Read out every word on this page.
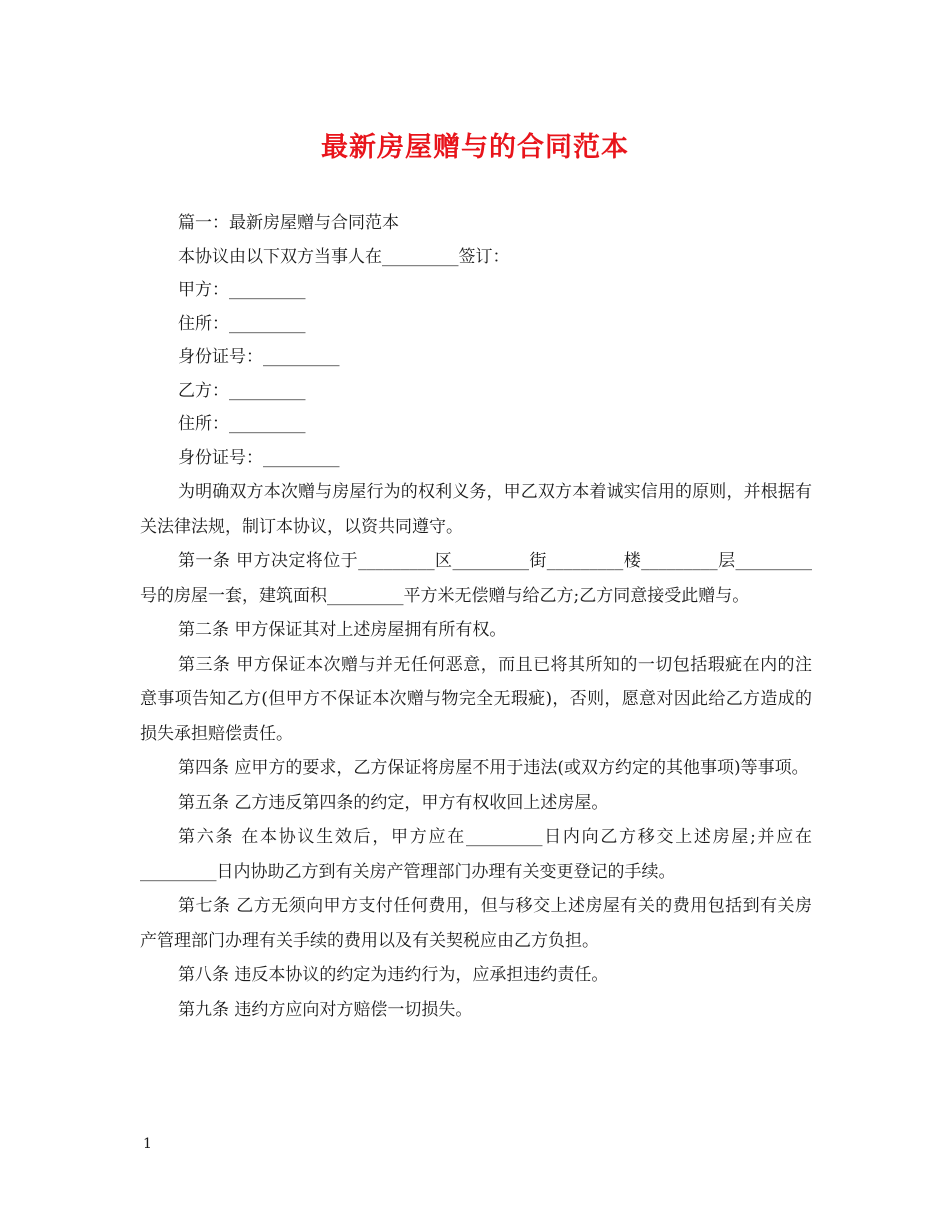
最新房屋赠与的合同范本
篇一：最新房屋赠与合同范本
本协议由以下双方当事人在_________签订：
甲方：_________
住所：_________
身份证号：_________
乙方：_________
住所：_________
身份证号：_________
为明确双方本次赠与房屋行为的权利义务，甲乙双方本着诚实信用的原则，并根据有关法律法规，制订本协议，以资共同遵守。
第一条 甲方决定将位于_________区_________街_________楼_________层_________号的房屋一套，建筑面积_________平方米无偿赠与给乙方;乙方同意接受此赠与。
第二条 甲方保证其对上述房屋拥有所有权。
第三条 甲方保证本次赠与并无任何恶意，而且已将其所知的一切包括瑕疵在内的注意事项告知乙方(但甲方不保证本次赠与物完全无瑕疵)，否则，愿意对因此给乙方造成的损失承担赔偿责任。
第四条 应甲方的要求，乙方保证将房屋不用于违法(或双方约定的其他事项)等事项。
第五条 乙方违反第四条的约定，甲方有权收回上述房屋。
第六条 在本协议生效后，甲方应在_________日内向乙方移交上述房屋;并应在_________日内协助乙方到有关房产管理部门办理有关变更登记的手续。
第七条 乙方无须向甲方支付任何费用，但与移交上述房屋有关的费用包括到有关房产管理部门办理有关手续的费用以及有关契税应由乙方负担。
第八条 违反本协议的约定为违约行为，应承担违约责任。
第九条 违约方应向对方赔偿一切损失。
1
